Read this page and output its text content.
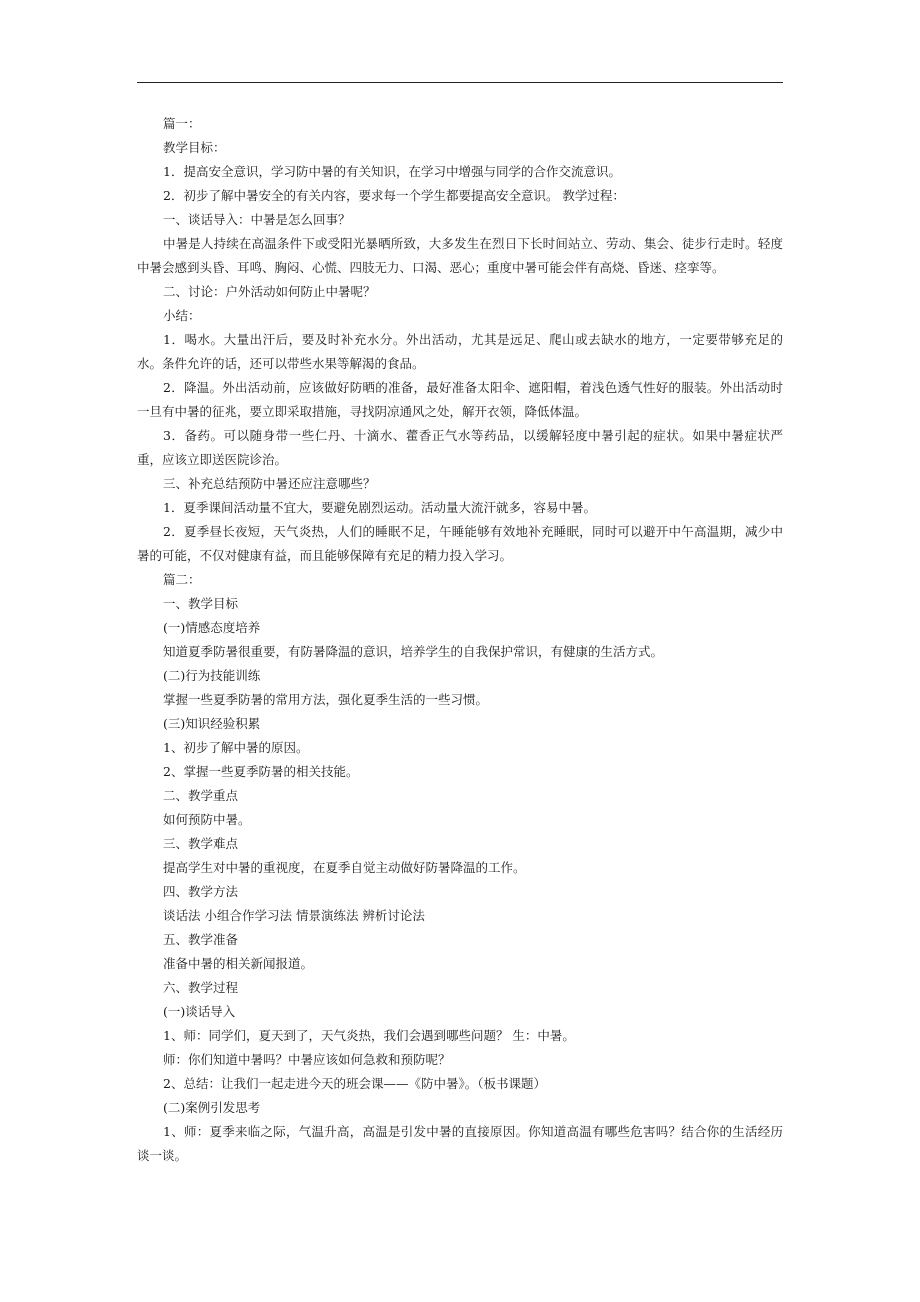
篇一：

教学目标：

1．提高安全意识，学习防中暑的有关知识，在学习中增强与同学的合作交流意识。

2．初步了解中暑安全的有关内容，要求每一个学生都要提高安全意识。 教学过程：

一、谈话导入：中暑是怎么回事？

中暑是人持续在高温条件下或受阳光暴晒所致，大多发生在烈日下长时间站立、劳动、集会、徒步行走时。轻度中暑会感到头昏、耳鸣、胸闷、心慌、四肢无力、口渴、恶心；重度中暑可能会伴有高烧、昏迷、痉挛等。

二、讨论：户外活动如何防止中暑呢？

小结：

1．喝水。大量出汗后，要及时补充水分。外出活动，尤其是远足、爬山或去缺水的地方，一定要带够充足的水。条件允许的话，还可以带些水果等解渴的食品。

2．降温。外出活动前，应该做好防晒的准备，最好准备太阳伞、遮阳帽，着浅色透气性好的服装。外出活动时一旦有中暑的征兆，要立即采取措施，寻找阴凉通风之处，解开衣领，降低体温。

3．备药。可以随身带一些仁丹、十滴水、藿香正气水等药品，以缓解轻度中暑引起的症状。如果中暑症状严重，应该立即送医院诊治。

三、补充总结预防中暑还应注意哪些？

1．夏季课间活动量不宜大，要避免剧烈运动。活动量大流汗就多，容易中暑。

2．夏季昼长夜短，天气炎热，人们的睡眠不足，午睡能够有效地补充睡眠，同时可以避开中午高温期，减少中暑的可能，不仅对健康有益，而且能够保障有充足的精力投入学习。

篇二：

一、教学目标

(一)情感态度培养

知道夏季防暑很重要，有防暑降温的意识，培养学生的自我保护常识，有健康的生活方式。

(二)行为技能训练

掌握一些夏季防暑的常用方法，强化夏季生活的一些习惯。

(三)知识经验积累

1、初步了解中暑的原因。

2、掌握一些夏季防暑的相关技能。

二、教学重点

如何预防中暑。

三、教学难点

提高学生对中暑的重视度，在夏季自觉主动做好防暑降温的工作。

四、教学方法

谈话法 小组合作学习法 情景演练法 辨析讨论法

五、教学准备

准备中暑的相关新闻报道。

六、教学过程

(一)谈话导入

1、师：同学们，夏天到了，天气炎热，我们会遇到哪些问题？ 生：中暑。

师：你们知道中暑吗？中暑应该如何急救和预防呢？

2、总结：让我们一起走进今天的班会课——《防中暑》。（板书课题）

(二)案例引发思考

1、师：夏季来临之际，气温升高，高温是引发中暑的直接原因。你知道高温有哪些危害吗？结合你的生活经历谈一谈。
